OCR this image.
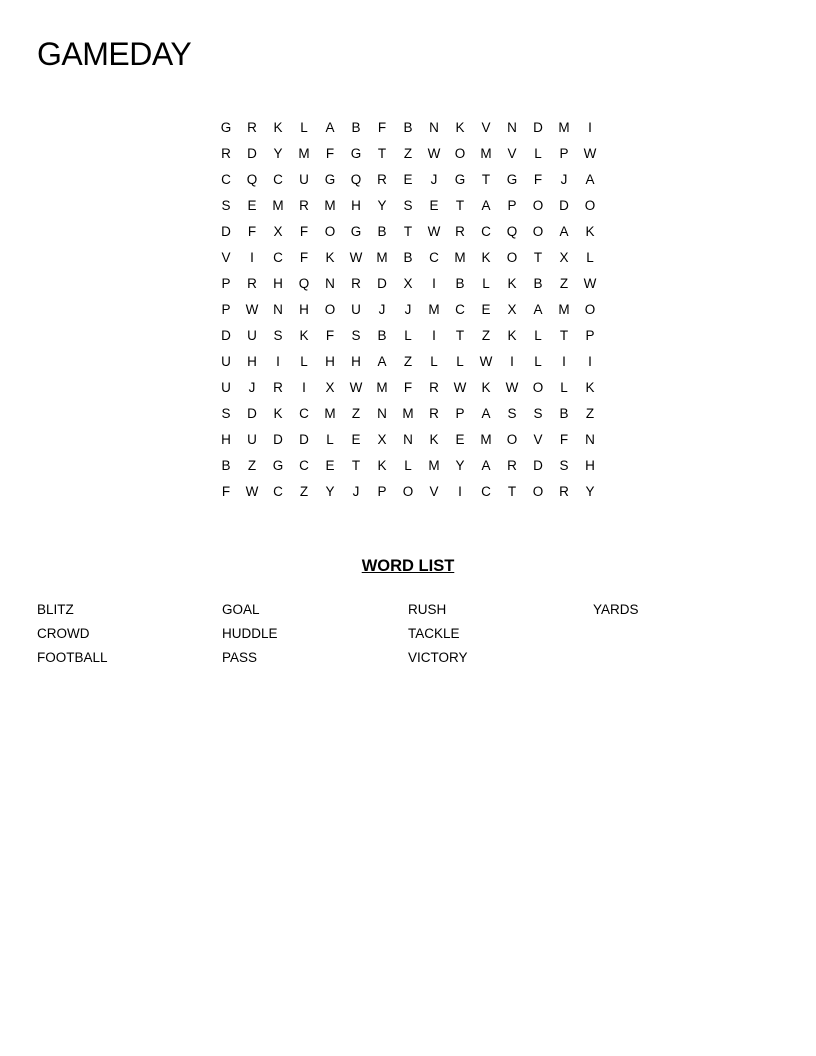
GAMEDAY
G	R	K	L	A	B	F	B	N	K	V	N	D	M	I
R	D	Y	M	F	G	T	Z	W	O	M	V	L	P	W
C	Q	C	U	G	Q	R	E	J	G	T	G	F	J	A
S	E	M	R	M	H	Y	S	E	T	A	P	O	D	O
D	F	X	F	O	G	B	T	W	R	C	Q	O	A	K
V	I	C	F	K	W	M	B	C	M	K	O	T	X	L
P	R	H	Q	N	R	D	X	I	B	L	K	B	Z	W
P	W	N	H	O	U	J	J	M	C	E	X	A	M	O
D	U	S	K	F	S	B	L	I	T	Z	K	L	T	P
U	H	I	L	H	H	A	Z	L	L	W	I	L	I	I
U	J	R	I	X	W	M	F	R	W	K	W	O	L	K
S	D	K	C	M	Z	N	M	R	P	A	S	S	B	Z
H	U	D	D	L	E	X	N	K	E	M	O	V	F	N
B	Z	G	C	E	T	K	L	M	Y	A	R	D	S	H
F	W	C	Z	Y	J	P	O	V	I	C	T	O	R	Y
WORD LIST
BLITZ
CROWD
FOOTBALL
GOAL
HUDDLE
PASS
RUSH
TACKLE
VICTORY
YARDS
